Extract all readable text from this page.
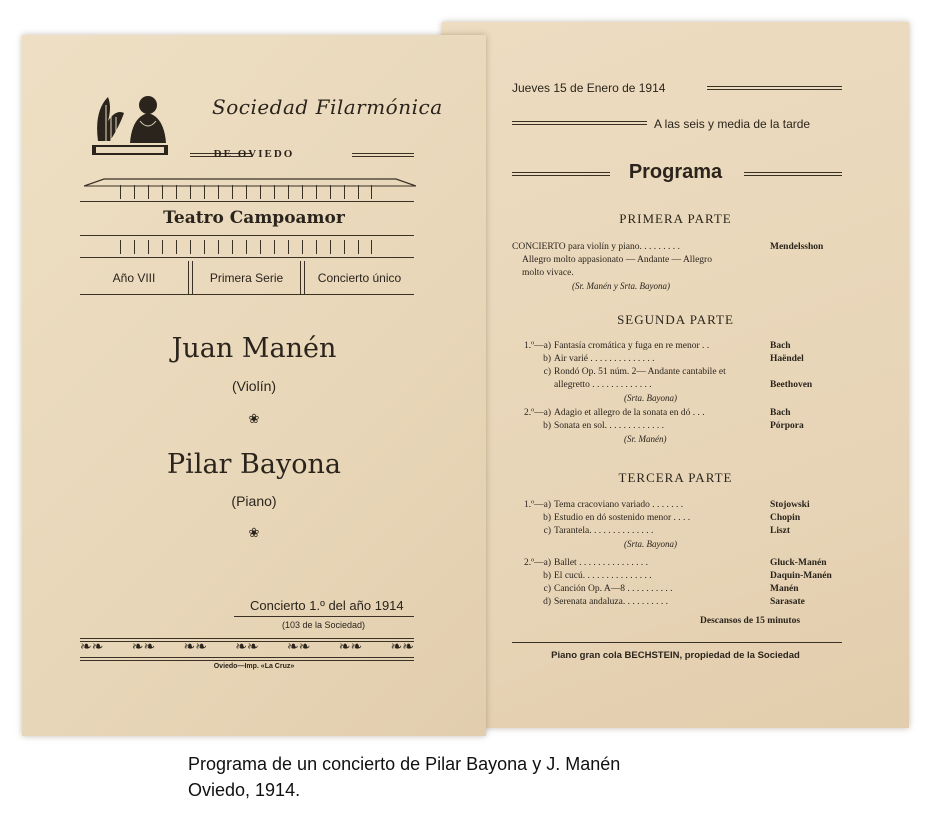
Jueves 15 de Enero de 1914
A las seis y media de la tarde
Programa
PRIMERA PARTE
CONCIERTO para violín y piano. . . . . . . . .	Mendelsshon
Allegro molto appasionato — Andante — Allegro
molto vivace.
(Sr. Manén y Srta. Bayona)
SEGUNDA PARTE
1.º—a) Fantasía cromática y fuga en re menor . .	Bach
b) Air varié . . . . . . . . . . . . . .	Haëndel
c) Rondó Op. 51 núm. 2— Andante cantabile et
allegretto . . . . . . . . . . . . .	Beethoven
(Srta. Bayona)
2.º—a) Adagio et allegro de la sonata en dó . . .	Bach
b) Sonata en sol. . . . . . . . . . . . .	Pórpora
(Sr. Manén)
TERCERA PARTE
1.º—a) Tema cracoviano variado . . . . . . .	Stojowski
b) Estudio en dó sostenido menor . . . .	Chopin
c) Tarantela. . . . . . . . . . . . . .	Liszt
(Srta. Bayona)
2.º—a) Ballet . . . . . . . . . . . . . . .	Gluck-Manén
b) El cucú. . . . . . . . . . . . . . .	Daquin-Manén
c) Canción Op. A—8 . . . . . . . . . .	Manén
d) Serenata andaluza. . . . . . . . . .	Sarasate
Descansos de 15 minutos
Piano gran cola BECHSTEIN, propiedad de la Sociedad
Sociedad Filarmónica
DE OVIEDO
Teatro Campoamor
Año VIII	Primera Serie	Concierto único
Juan Manén
(Violín)
❀
Pilar Bayona
(Piano)
❀
Concierto 1.º del año 1914
(103 de la Sociedad)
❧❧ ❧❧ ❧❧ ❧❧ ❧❧ ❧❧ ❧❧
Oviedo—Imp. «La Cruz»
Programa de un concierto de Pilar Bayona y J. Manén
Oviedo, 1914.
